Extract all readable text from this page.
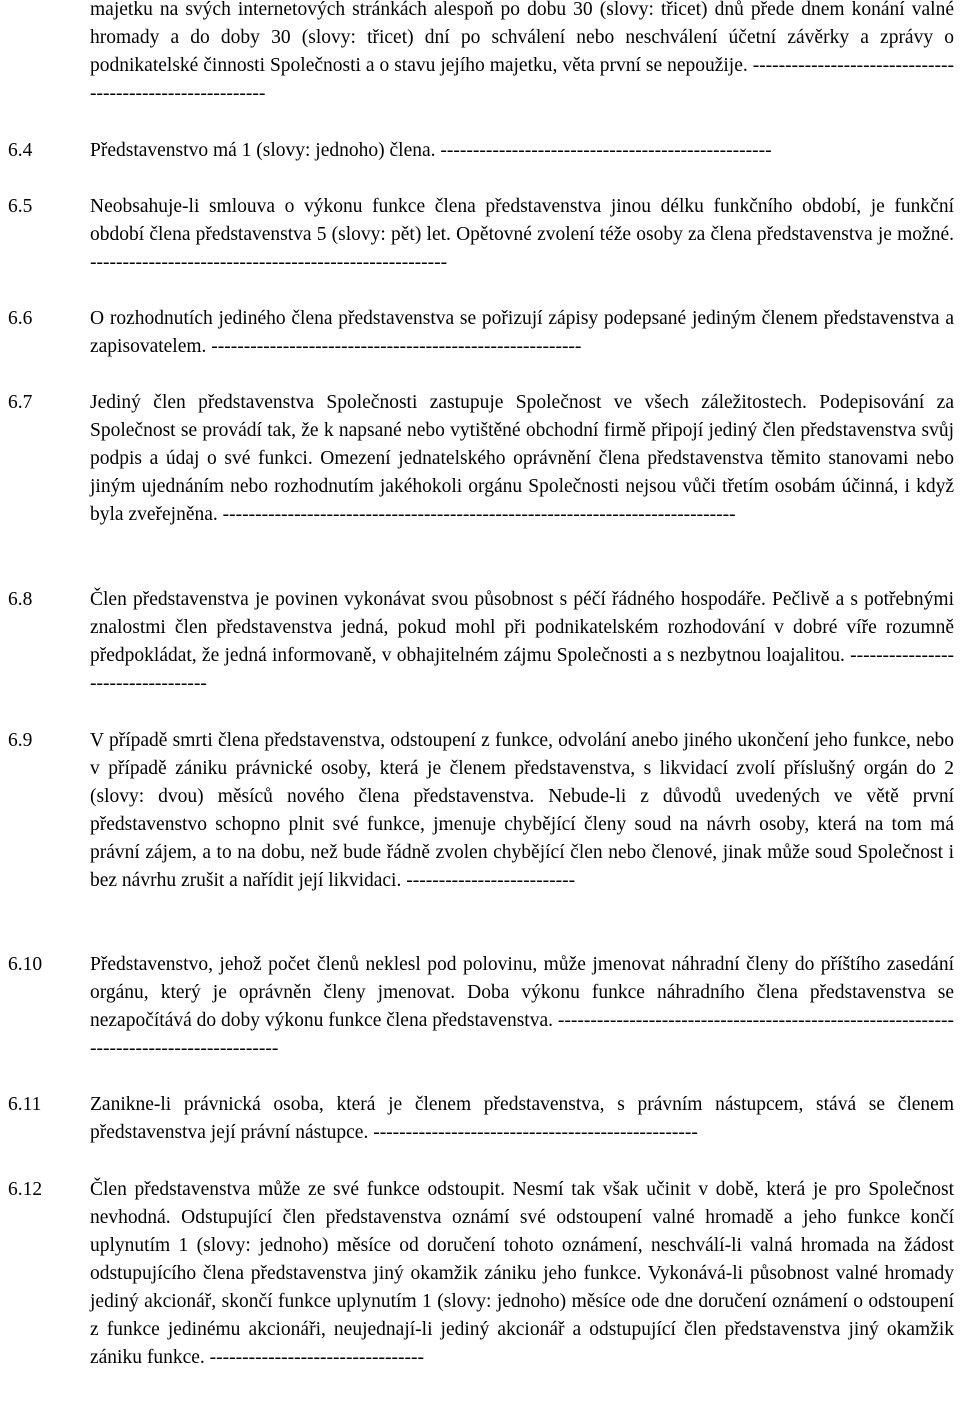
majetku na svých internetových stránkách alespoň po dobu 30 (slovy: třicet) dnů přede dnem konání valné hromady a do doby 30 (slovy: třicet) dní po schválení nebo neschválení účetní závěrky a zprávy o podnikatelské činnosti Společnosti a o stavu jejího majetku, věta první se nepoužije. ----------------------------------------------------------
6.4	Představenstvo má 1 (slovy: jednoho) člena. ---------------------------------------------------
6.5	Neobsahuje-li smlouva o výkonu funkce člena představenstva jinou délku funkčního období, je funkční období člena představenstva 5 (slovy: pět) let. Opětovné zvolení téže osoby za člena představenstva je možné. -------------------------------------------------------
6.6	O rozhodnutích jediného člena představenstva se pořizují zápisy podepsané jediným členem představenstva a zapisovatelem. ---------------------------------------------------------
6.7	Jediný člen představenstva Společnosti zastupuje Společnost ve všech záležitostech. Podepisování za Společnost se provádí tak, že k napsané nebo vytištěné obchodní firmě připojí jediný člen představenstva svůj podpis a údaj o své funkci. Omezení jednatelského oprávnění člena představenstva těmito stanovami nebo jiným ujednáním nebo rozhodnutím jakéhokoli orgánu Společnosti nejsou vůči třetím osobám účinná, i když byla zveřejněna. -------------------------------------------------------------------------------
6.8	Člen představenstva je povinen vykonávat svou působnost s péčí řádného hospodáře. Pečlivě a s potřebnými znalostmi člen představenstva jedná, pokud mohl při podnikatelském rozhodování v dobré víře rozumně předpokládat, že jedná informovaně, v obhajitelném zájmu Společnosti a s nezbytnou loajalitou. ----------------------------------
6.9	V případě smrti člena představenstva, odstoupení z funkce, odvolání anebo jiného ukončení jeho funkce, nebo v případě zániku právnické osoby, která je členem představenstva, s likvidací zvolí příslušný orgán do 2 (slovy: dvou) měsíců nového člena představenstva. Nebude-li z důvodů uvedených ve větě první představenstvo schopno plnit své funkce, jmenuje chybějící členy soud na návrh osoby, která na tom má právní zájem, a to na dobu, než bude řádně zvolen chybějící člen nebo členové, jinak může soud Společnost i bez návrhu zrušit a nařídit její likvidaci. --------------------------
6.10 Představenstvo, jehož počet členů neklesl pod polovinu, může jmenovat náhradní členy do příštího zasedání orgánu, který je oprávněn členy jmenovat. Doba výkonu funkce náhradního člena představenstva se nezapočítává do doby výkonu funkce člena představenstva. ------------------------------------------------------------------------------------------
6.11 Zanikne-li právnická osoba, která je členem představenstva, s právním nástupcem, stává se členem představenstva její právní nástupce. --------------------------------------------------
6.12 Člen představenstva může ze své funkce odstoupit. Nesmí tak však učinit v době, která je pro Společnost nevhodná. Odstupující člen představenstva oznámí své odstoupení valné hromadě a jeho funkce končí uplynutím 1 (slovy: jednoho) měsíce od doručení tohoto oznámení, neschválí-li valná hromada na žádost odstupujícího člena představenstva jiný okamžik zániku jeho funkce. Vykonává-li působnost valné hromady jediný akcionář, skončí funkce uplynutím 1 (slovy: jednoho) měsíce ode dne doručení oznámení o odstoupení z funkce jedinému akcionáři, neujednají-li jediný akcionář a odstupující člen představenstva jiný okamžik zániku funkce. ---------------------------------
